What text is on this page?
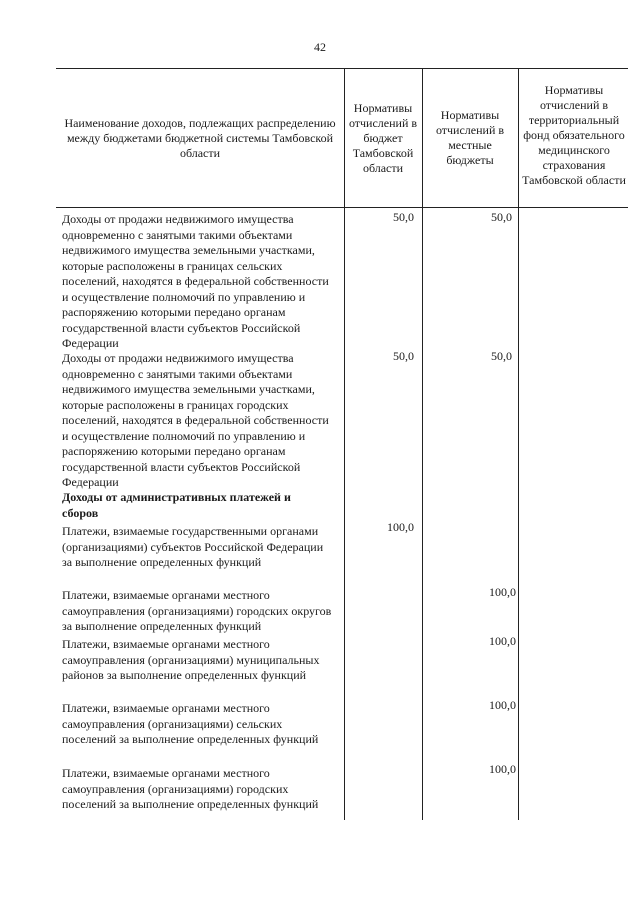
42
Наименование доходов, подлежащих распределению между бюджетами бюджетной системы Тамбовской области
Нормативы отчислений в бюджет Тамбовской области
Нормативы отчислений в местные бюджеты
Нормативы отчислений в территориальный фонд обязательного медицинского страхования Тамбовской области
Доходы от продажи недвижимого имущества одновременно с занятыми такими объектами недвижимого имущества земельными участками, которые расположены в границах сельских поселений, находятся в федеральной собственности и осуществление полномочий по управлению и распоряжению которыми передано органам государственной власти субъектов Российской Федерации
50,0	50,0
Доходы от продажи недвижимого имущества одновременно с занятыми такими объектами недвижимого имущества земельными участками, которые расположены в границах городских поселений, находятся в федеральной собственности и осуществление полномочий по управлению и распоряжению которыми передано органам государственной власти субъектов Российской Федерации
50,0	50,0
Доходы от административных платежей и сборов
Платежи, взимаемые государственными органами (организациями) субъектов Российской Федерации за выполнение определенных функций
100,0
Платежи, взимаемые органами местного самоуправления (организациями) городских округов за выполнение определенных функций
100,0
Платежи, взимаемые органами местного самоуправления (организациями) муниципальных районов за выполнение определенных функций
100,0
Платежи, взимаемые органами местного самоуправления (организациями) сельских поселений за выполнение определенных функций
100,0
Платежи, взимаемые органами местного самоуправления (организациями) городских поселений за выполнение определенных функций
100,0
